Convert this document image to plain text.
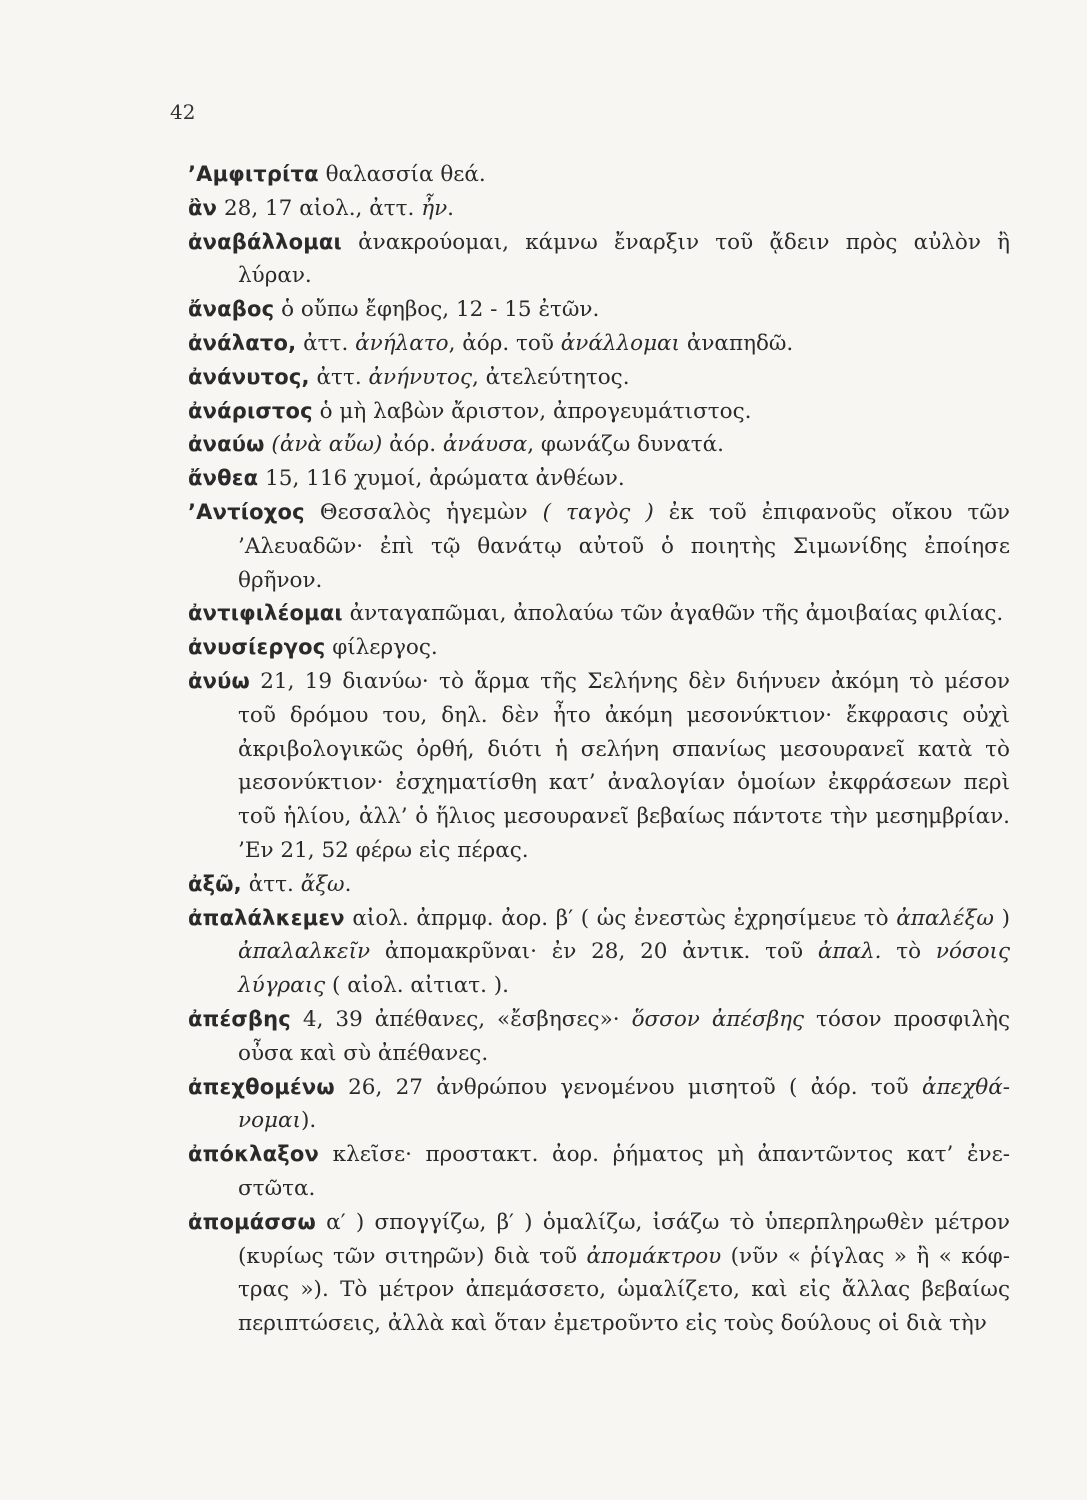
42

’Αμφιτρίτα θαλασσία θεά.

ἂν 28, 17 αἰολ., ἀττ. ἦν.

ἀναβάλλομαι ἀνακρούομαι, κάμνω ἔναρξιν τοῦ ᾄδειν πρὸς αὐλὸν ἢ λύραν.

ἄναβος ὁ οὔπω ἔφηβος, 12 - 15 ἐτῶν.

ἀνάλατο, ἀττ. ἀνήλατο, ἀόρ. τοῦ ἀνάλλομαι ἀναπηδῶ.

ἀνάνυτος, ἀττ. ἀνήνυτος, ἀτελεύτητος.

ἀνάριστος ὁ μὴ λαβὼν ἄριστον, ἀπρογευμάτιστος.

ἀναύω (ἀνὰ αὔω) ἀόρ. ἀνάυσα, φωνάζω δυνατά.

ἄνθεα 15, 116 χυμοί, ἀρώματα ἀνθέων.

’Αντίοχος Θεσσαλὸς ἡγεμὼν ( ταγὸς ) ἐκ τοῦ ἐπιφανοῦς οἴκου τῶν ’Αλευαδῶν· ἐπὶ τῷ θανάτῳ αὐτοῦ ὁ ποιητὴς Σιμωνίδης ἐποίησε θρῆνον.

ἀντιφιλέομαι ἀνταγαπῶμαι, ἀπολαύω τῶν ἀγαθῶν τῆς ἀμοιβαίας φιλίας.

ἀνυσίεργος φίλεργος.

ἀνύω 21, 19 διανύω· τὸ ἅρμα τῆς Σελήνης δὲν διήνυεν ἀκόμη τὸ μέσον τοῦ δρόμου του, δηλ. δὲν ἦτο ἀκόμη μεσονύκτιον· ἔκφρασις οὐχὶ ἀκριβολογικῶς ὀρθή, διότι ἡ σελήνη σπανίως μεσουρανεῖ κατὰ τὸ μεσονύκτιον· ἐσχηματίσθη κατ’ ἀναλογίαν ὁμοίων ἐκφράσεων περὶ τοῦ ἡλίου, ἀλλ’ ὁ ἥλιος μεσουρανεῖ βεβαίως πάντοτε τὴν μεσημβρίαν. ’Εν 21, 52 φέρω εἰς πέρας.

ἀξῶ, ἀττ. ἄξω.

ἀπαλάλκεμεν αἰολ. ἀπρμφ. ἀορ. β′ ( ὡς ἐνεστὼς ἐχρησίμευε τὸ ἀπαλέξω ) ἀπαλαλκεῖν ἀπομακρῦναι· ἐν 28, 20 ἀντικ. τοῦ ἀπαλ. τὸ νόσοις λύγραις ( αἰολ. αἰτιατ. ).

ἀπέσβης 4, 39 ἀπέθανες, «ἔσβησες»· ὅσσον ἀπέσβης τόσον προσφιλὴς οὖσα καὶ σὺ ἀπέθανες.

ἀπεχθομένω 26, 27 ἀνθρώπου γενομένου μισητοῦ ( ἀόρ. τοῦ ἀπεχθάνομαι).

ἀπόκλαξον κλεῖσε· προστακτ. ἀορ. ῥήματος μὴ ἀπαντῶντος κατ’ ἐνεστῶτα.

ἀπομάσσω α′ ) σπογγίζω, β′ ) ὁμαλίζω, ἰσάζω τὸ ὑπερπληρωθὲν μέτρον (κυρίως τῶν σιτηρῶν) διὰ τοῦ ἀπομάκτρου (νῦν « ῥίγλας » ἢ « κόφτρας »). Τὸ μέτρον ἀπεμάσσετο, ὡμαλίζετο, καὶ εἰς ἄλλας βεβαίως περιπτώσεις, ἀλλὰ καὶ ὅταν ἐμετροῦντο εἰς τοὺς δούλους οἱ διὰ τὴν
